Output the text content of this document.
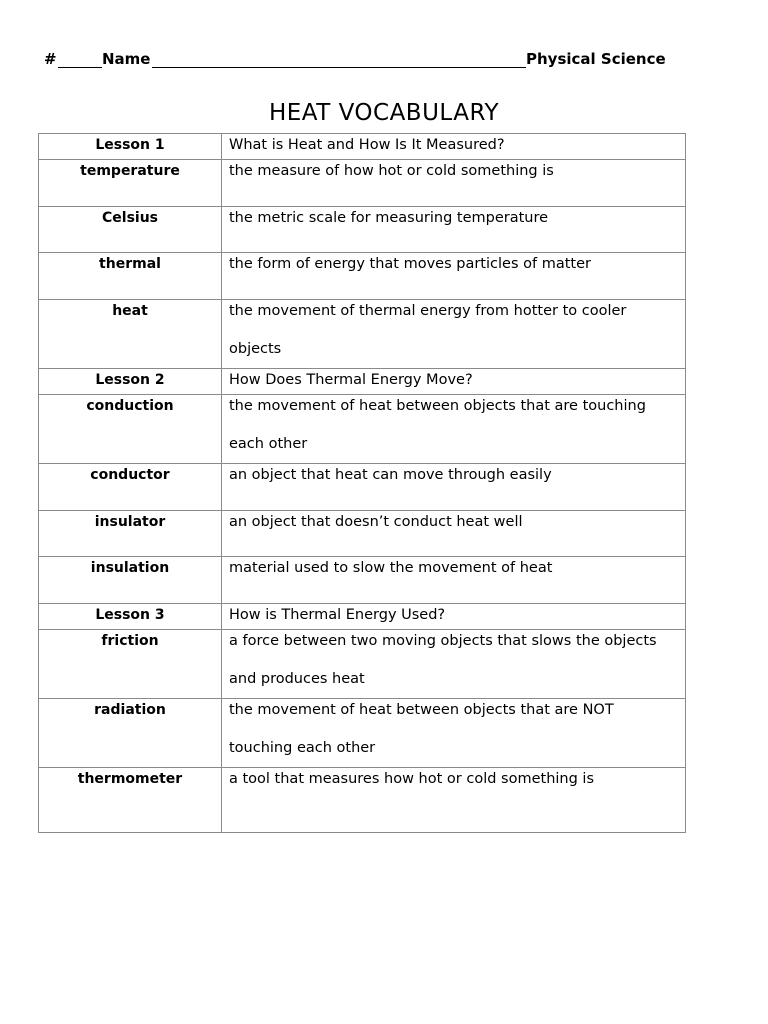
#	Name	Physical Science
HEAT VOCABULARY
Lesson 1	What is Heat and How Is It Measured?

temperature	the measure of how hot or cold something is

Celsius	the metric scale for measuring temperature

thermal	the form of energy that moves particles of matter

heat	the movement of thermal energy from hotter to cooler objects

Lesson 2	How Does Thermal Energy Move?

conduction	the movement of heat between objects that are touching each other

conductor	an object that heat can move through easily

insulator	an object that doesn’t conduct heat well

insulation	material used to slow the movement of heat

Lesson 3	How is Thermal Energy Used?

friction	a force between two moving objects that slows the objects and produces heat

radiation	the movement of heat between objects that are NOT touching each other

thermometer	a tool that measures how hot or cold something is
